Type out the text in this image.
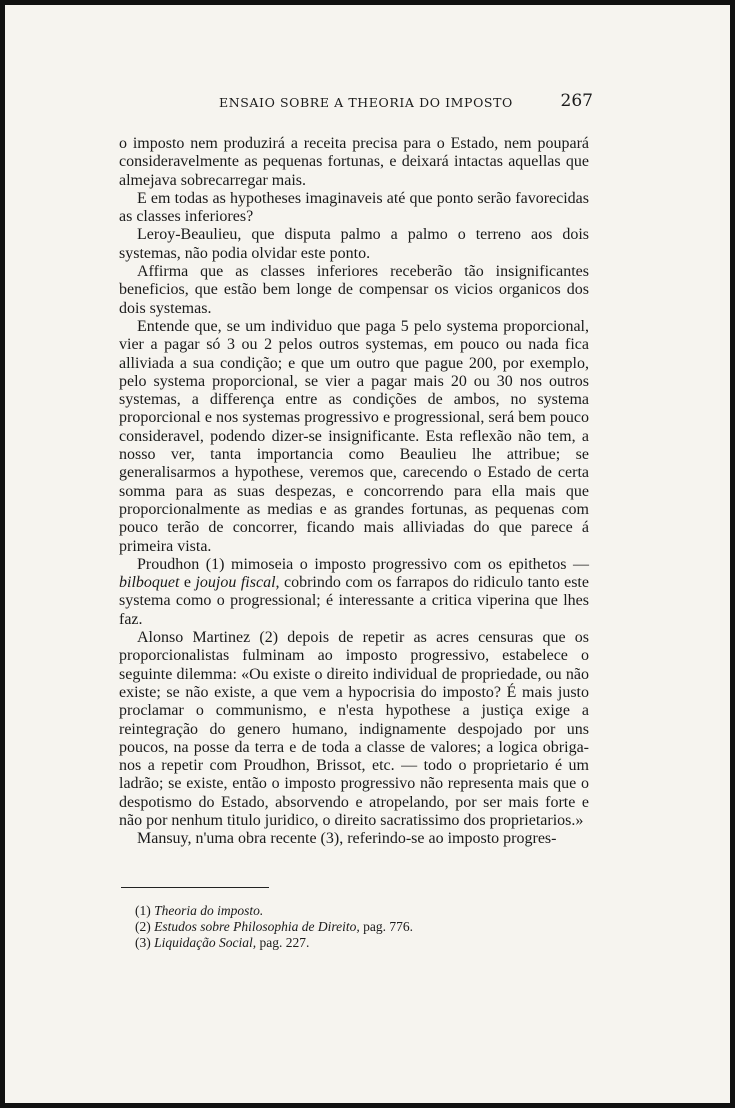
ENSAIO SOBRE A THEORIA DO IMPOSTO	267

o imposto nem produzirá a receita precisa para o Estado, nem poupará consideravelmente as pequenas fortunas, e deixará intactas aquellas que almejava sobrecarregar mais.

E em todas as hypotheses imaginaveis até que ponto serão favorecidas as classes inferiores?

Leroy-Beaulieu, que disputa palmo a palmo o terreno aos dois systemas, não podia olvidar este ponto.

Affirma que as classes inferiores receberão tão insignificantes beneficios, que estão bem longe de compensar os vicios organicos dos dois systemas.

Entende que, se um individuo que paga 5 pelo systema proporcional, vier a pagar só 3 ou 2 pelos outros systemas, em pouco ou nada fica alliviada a sua condição; e que um outro que pague 200, por exemplo, pelo systema proporcional, se vier a pagar mais 20 ou 30 nos outros systemas, a differença entre as condições de ambos, no systema proporcional e nos systemas progressivo e progressional, será bem pouco consideravel, podendo dizer-se insignificante. Esta reflexão não tem, a nosso ver, tanta importancia como Beaulieu lhe attribue; se generalisarmos a hypothese, veremos que, carecendo o Estado de certa somma para as suas despezas, e concorrendo para ella mais que proporcionalmente as medias e as grandes fortunas, as pequenas com pouco terão de concorrer, ficando mais alliviadas do que parece á primeira vista.

Proudhon (1) mimoseia o imposto progressivo com os epithetos —bilboquet e joujou fiscal, cobrindo com os farrapos do ridiculo tanto este systema como o progressional; é interessante a critica viperina que lhes faz.

Alonso Martinez (2) depois de repetir as acres censuras que os proporcionalistas fulminam ao imposto progressivo, estabelece o seguinte dilemma: «Ou existe o direito individual de propriedade, ou não existe; se não existe, a que vem a hypocrisia do imposto? É mais justo proclamar o communismo, e n'esta hypothese a justiça exige a reintegração do genero humano, indignamente despojado por uns poucos, na posse da terra e de toda a classe de valores; a logica obriga-nos a repetir com Proudhon, Brissot, etc. — todo o proprietario é um ladrão; se existe, então o imposto progressivo não representa mais que o despotismo do Estado, absorvendo e atropelando, por ser mais forte e não por nenhum titulo juridico, o direito sacratissimo dos proprietarios.»

Mansuy, n'uma obra recente (3), referindo-se ao imposto progres-

(1) Theoria do imposto.
(2) Estudos sobre Philosophia de Direito, pag. 776.
(3) Liquidação Social, pag. 227.
